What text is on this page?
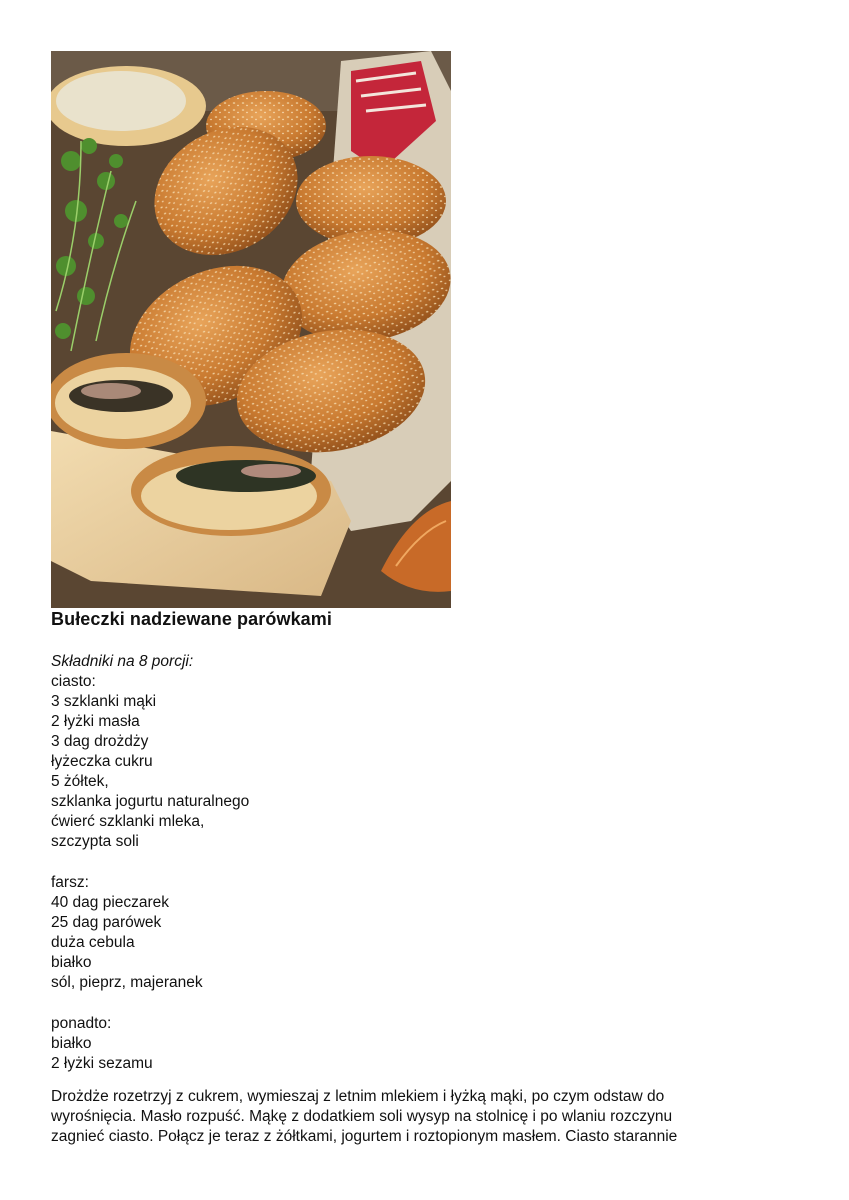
Bułeczki nadziewane parówkami
Składniki na 8 porcji:
ciasto:
3 szklanki mąki
2 łyżki masła
3 dag drożdży
łyżeczka cukru
5 żółtek,
szklanka jogurtu naturalnego
ćwierć szklanki mleka,
szczypta soli
farsz:
40 dag pieczarek
25 dag parówek
duża cebula
białko
sól, pieprz, majeranek
ponadto:
białko
2 łyżki sezamu
Drożdże rozetrzyj z cukrem, wymieszaj z letnim mlekiem i łyżką mąki, po czym odstaw do
wyrośnięcia. Masło rozpuść. Mąkę z dodatkiem soli wysyp na stolnicę i po wlaniu rozczynu
zagnieć ciasto. Połącz je teraz z żółtkami, jogurtem i roztopionym masłem. Ciasto starannie
